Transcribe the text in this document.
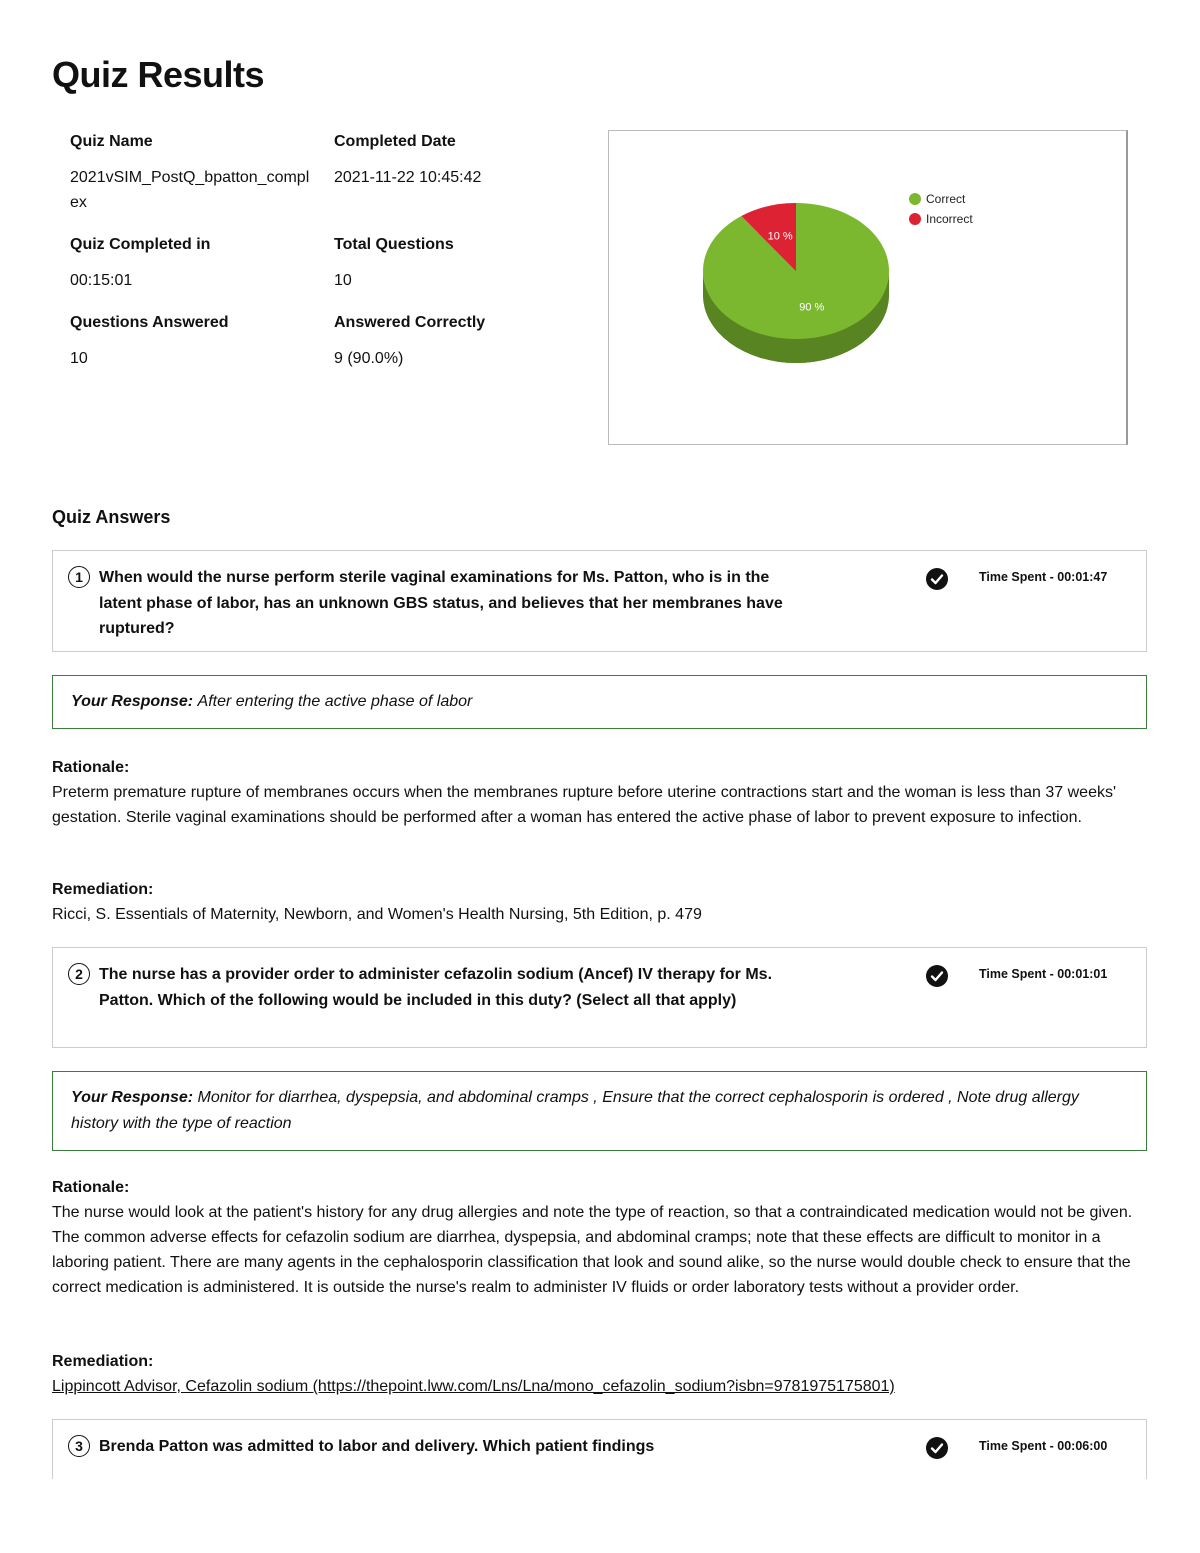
Quiz Results
Quiz Name
2021vSIM_PostQ_bpatton_complex
Completed Date
2021-11-22 10:45:42
Quiz Completed in
00:15:01
Total Questions
10
Questions Answered
10
Answered Correctly
9 (90.0%)
90 %
10 %
Correct
Incorrect
Quiz Answers
1	When would the nurse perform sterile vaginal examinations for Ms. Patton, who is in the latent phase of labor, has an unknown GBS status, and believes that her membranes have ruptured?
Time Spent - 00:01:47
Your Response: After entering the active phase of labor
Rationale:
Preterm premature rupture of membranes occurs when the membranes rupture before uterine contractions start and the woman is less than 37 weeks' gestation. Sterile vaginal examinations should be performed after a woman has entered the active phase of labor to prevent exposure to infection.
Remediation:
Ricci, S. Essentials of Maternity, Newborn, and Women's Health Nursing, 5th Edition, p. 479
2	The nurse has a provider order to administer cefazolin sodium (Ancef) IV therapy for Ms. Patton. Which of the following would be included in this duty? (Select all that apply)
Time Spent - 00:01:01
Your Response: Monitor for diarrhea, dyspepsia, and abdominal cramps , Ensure that the correct cephalosporin is ordered , Note drug allergy history with the type of reaction
Rationale:
The nurse would look at the patient's history for any drug allergies and note the type of reaction, so that a contraindicated medication would not be given. The common adverse effects for cefazolin sodium are diarrhea, dyspepsia, and abdominal cramps; note that these effects are difficult to monitor in a laboring patient. There are many agents in the cephalosporin classification that look and sound alike, so the nurse would double check to ensure that the correct medication is administered. It is outside the nurse's realm to administer IV fluids or order laboratory tests without a provider order.
Remediation:
Lippincott Advisor, Cefazolin sodium (https://thepoint.lww.com/Lns/Lna/mono_cefazolin_sodium?isbn=9781975175801)
3	Brenda Patton was admitted to labor and delivery. Which patient findings	Time Spent - 00:06:00
